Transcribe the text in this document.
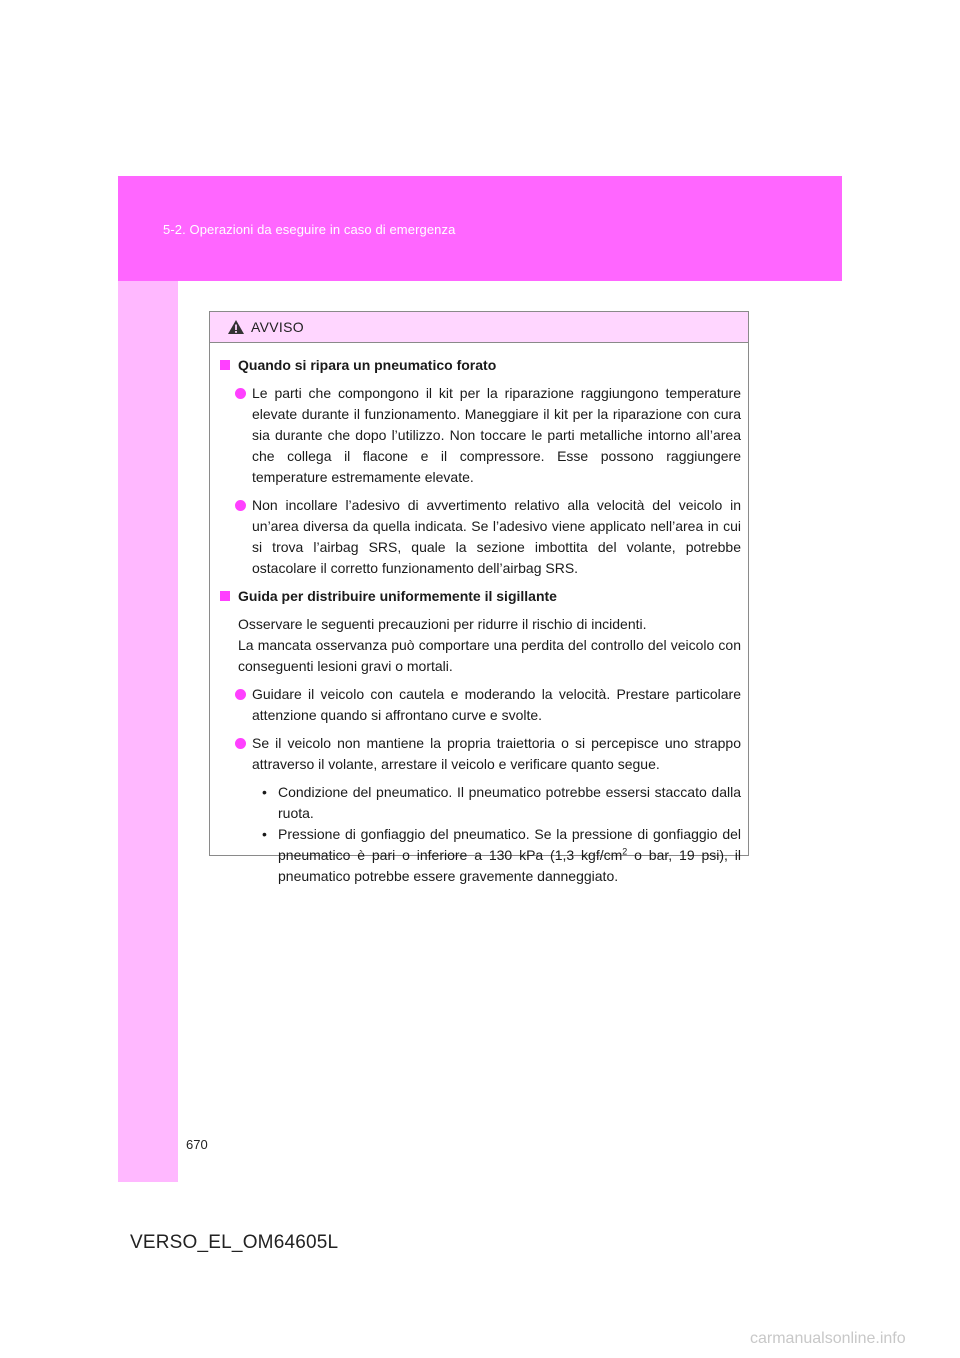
5-2. Operazioni da eseguire in caso di emergenza
AVVISO
Quando si ripara un pneumatico forato
Le parti che compongono il kit per la riparazione raggiungono temperature elevate durante il funzionamento. Maneggiare il kit per la riparazione con cura sia durante che dopo l’utilizzo. Non toccare le parti metalliche intorno all’area che collega il flacone e il compressore. Esse possono raggiungere temperature estremamente elevate.
Non incollare l’adesivo di avvertimento relativo alla velocità del veicolo in un’area diversa da quella indicata. Se l’adesivo viene applicato nell’area in cui si trova l’airbag SRS, quale la sezione imbottita del volante, potrebbe ostacolare il corretto funzionamento dell’airbag SRS.
Guida per distribuire uniformemente il sigillante
Osservare le seguenti precauzioni per ridurre il rischio di incidenti.
La mancata osservanza può comportare una perdita del controllo del veicolo con conseguenti lesioni gravi o mortali.
Guidare il veicolo con cautela e moderando la velocità. Prestare particolare attenzione quando si affrontano curve e svolte.
Se il veicolo non mantiene la propria traiettoria o si percepisce uno strappo attraverso il volante, arrestare il veicolo e verificare quanto segue.
• Condizione del pneumatico. Il pneumatico potrebbe essersi staccato dalla ruota.
• Pressione di gonfiaggio del pneumatico. Se la pressione di gonfiaggio del pneumatico è pari o inferiore a 130 kPa (1,3 kgf/$cm^2$ o bar, 19 psi), il pneumatico potrebbe essere gravemente danneggiato.
670
VERSO_EL_OM64605L
carmanualsonline.info
